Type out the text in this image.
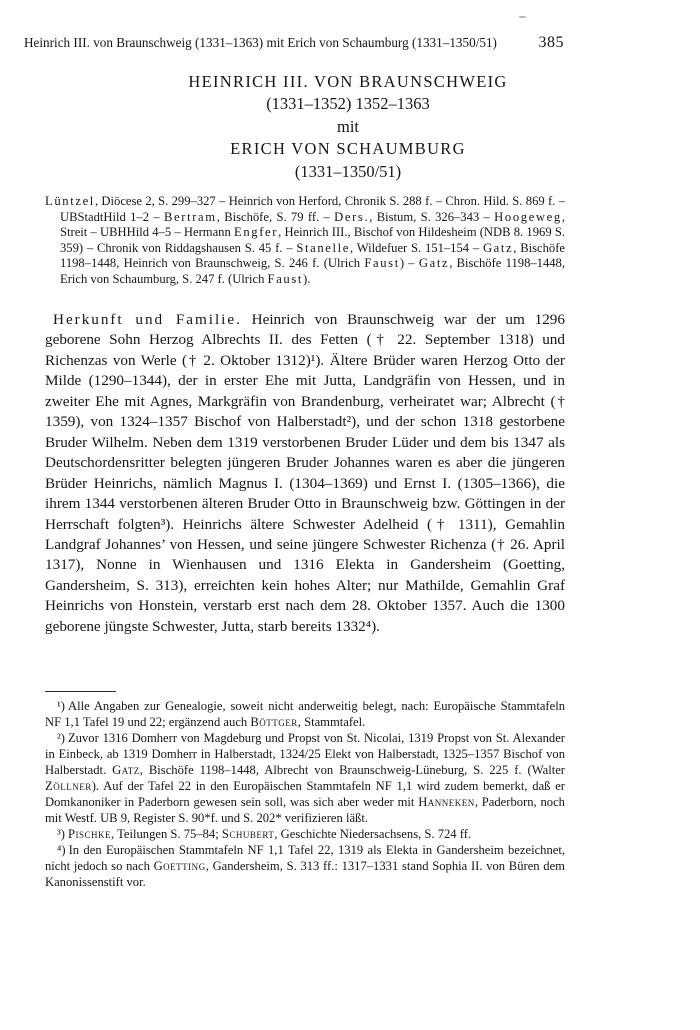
Heinrich III. von Braunschweig (1331–1363) mit Erich von Schaumburg (1331–1350/51)	385
HEINRICH III. VON BRAUNSCHWEIG
(1331–1352) 1352–1363
mit
ERICH VON SCHAUMBURG
(1331–1350/51)

Lüntzel, Diöcese 2, S. 299–327 – Heinrich von Herford, Chronik S. 288 f. – Chron. Hild. S. 869 f. – UBStadtHild 1–2 – Bertram, Bischöfe, S. 79 ff. – Ders., Bistum, S. 326–343 – Hoogeweg, Streit – UBHHild 4–5 – Hermann Engfer, Heinrich III., Bischof von Hildesheim (NDB 8. 1969 S. 359) – Chronik von Riddagshausen S. 45 f. – Stanelle, Wildefuer S. 151–154 – Gatz, Bischöfe 1198–1448, Heinrich von Braunschweig, S. 246 f. (Ulrich Faust) – Gatz, Bischöfe 1198–1448, Erich von Schaumburg, S. 247 f. (Ulrich Faust).

Herkunft und Familie. Heinrich von Braunschweig war der um 1296 geborene Sohn Herzog Albrechts II. des Fetten († 22. September 1318) und Richenzas von Werle († 2. Oktober 1312)¹). Ältere Brüder waren Herzog Otto der Milde (1290–1344), der in erster Ehe mit Jutta, Landgräfin von Hessen, und in zweiter Ehe mit Agnes, Markgräfin von Brandenburg, verheiratet war; Albrecht († 1359), von 1324–1357 Bischof von Halberstadt²), und der schon 1318 gestorbene Bruder Wilhelm. Neben dem 1319 verstorbenen Bruder Lüder und dem bis 1347 als Deutschordensritter belegten jüngeren Bruder Johannes waren es aber die jüngeren Brüder Heinrichs, nämlich Magnus I. (1304–1369) und Ernst I. (1305–1366), die ihrem 1344 verstorbenen älteren Bruder Otto in Braunschweig bzw. Göttingen in der Herrschaft folgten³). Heinrichs ältere Schwester Adelheid († 1311), Gemahlin Landgraf Johannes’ von Hessen, und seine jüngere Schwester Richenza († 26. April 1317), Nonne in Wienhausen und 1316 Elekta in Gandersheim (Goetting, Gandersheim, S. 313), erreichten kein hohes Alter; nur Mathilde, Gemahlin Graf Heinrichs von Honstein, verstarb erst nach dem 28. Oktober 1357. Auch die 1300 geborene jüngste Schwester, Jutta, starb bereits 1332⁴).

¹) Alle Angaben zur Genealogie, soweit nicht anderweitig belegt, nach: Europäische Stammtafeln NF 1,1 Tafel 19 und 22; ergänzend auch Böttger, Stammtafel.

²) Zuvor 1316 Domherr von Magdeburg und Propst von St. Nicolai, 1319 Propst von St. Alexander in Einbeck, ab 1319 Domherr in Halberstadt, 1324/25 Elekt von Halberstadt, 1325–1357 Bischof von Halberstadt. Gatz, Bischöfe 1198–1448, Albrecht von Braunschweig-Lüneburg, S. 225 f. (Walter Zöllner). Auf der Tafel 22 in den Europäischen Stammtafeln NF 1,1 wird zudem bemerkt, daß er Domkanoniker in Paderborn gewesen sein soll, was sich aber weder mit Hanneken, Paderborn, noch mit Westf. UB 9, Register S. 90*f. und S. 202* verifizieren läßt.

³) Pischke, Teilungen S. 75–84; Schubert, Geschichte Niedersachsens, S. 724 ff.

⁴) In den Europäischen Stammtafeln NF 1,1 Tafel 22, 1319 als Elekta in Gandersheim bezeichnet, nicht jedoch so nach Goetting, Gandersheim, S. 313 ff.: 1317–1331 stand Sophia II. von Büren dem Kanonissenstift vor.
